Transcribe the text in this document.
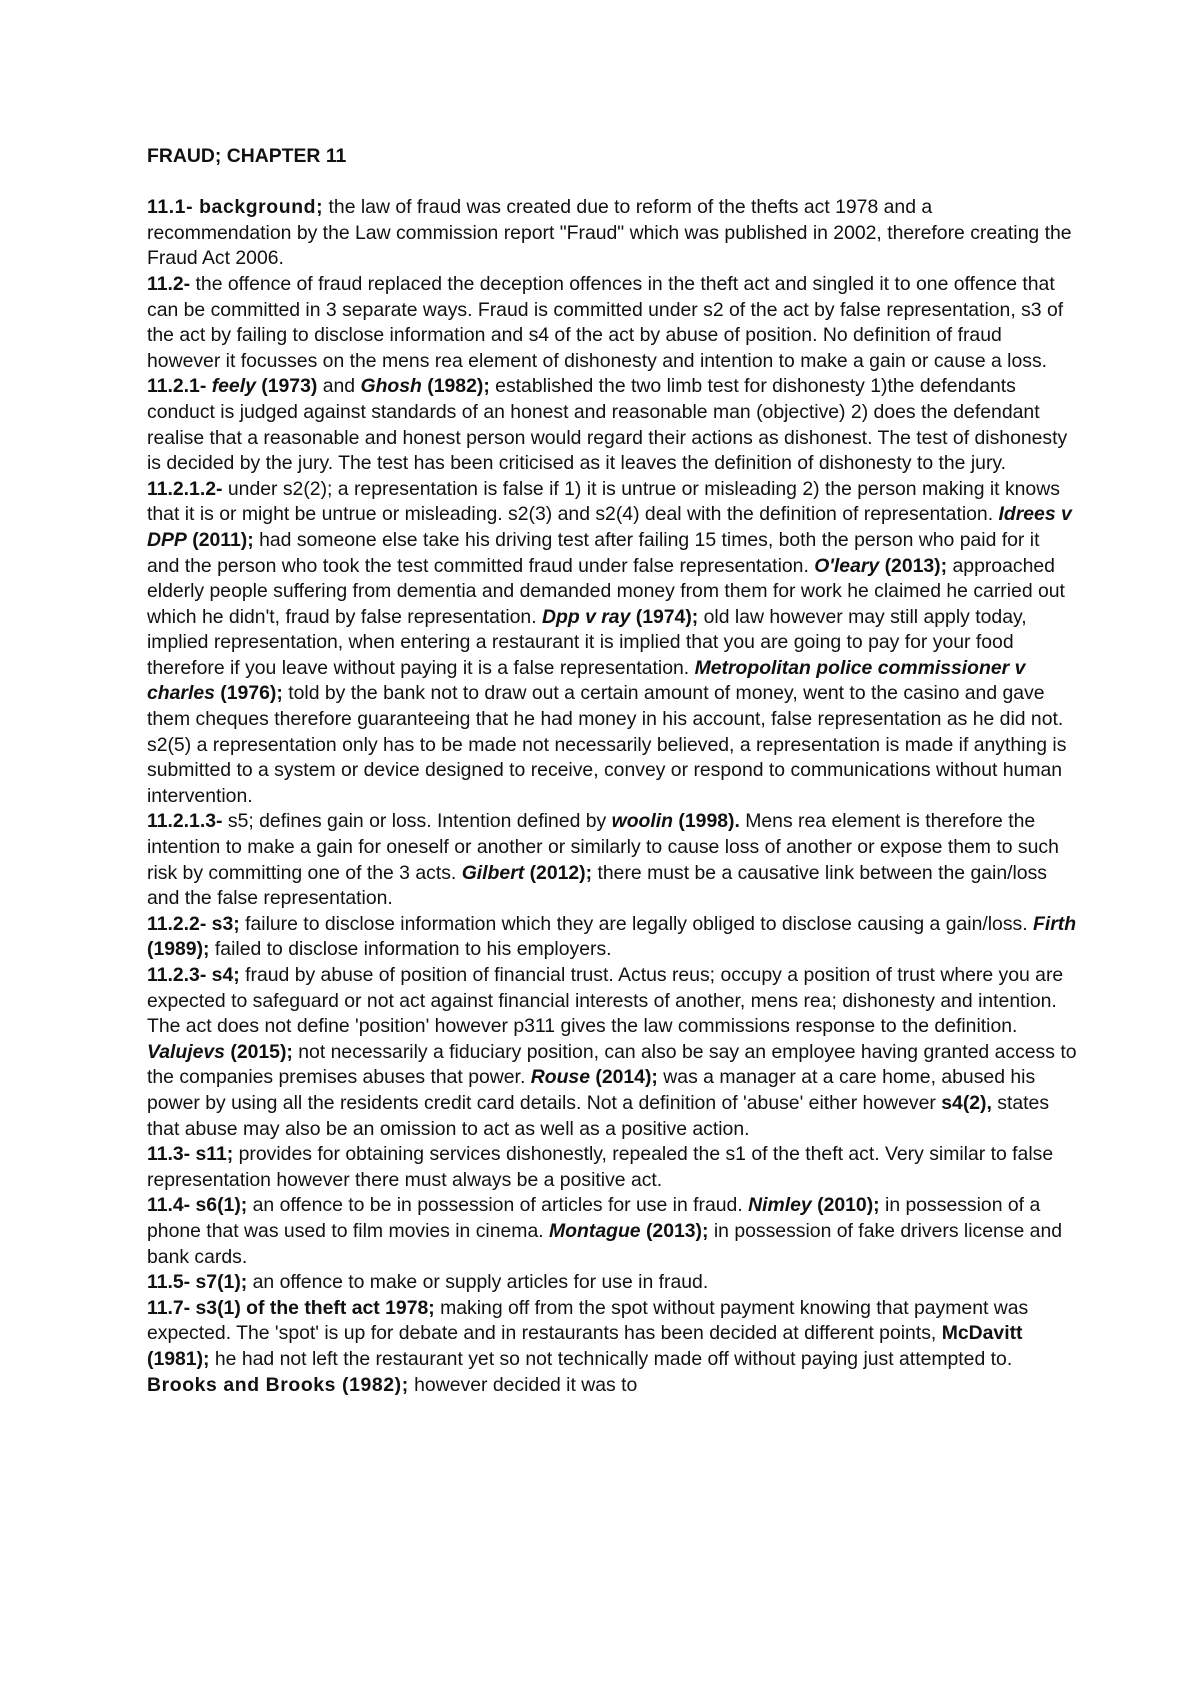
FRAUD; CHAPTER 11

11.1- background; the law of fraud was created due to reform of the thefts act 1978 and a recommendation by the Law commission report "Fraud" which was published in 2002, therefore creating the Fraud Act 2006.

11.2- the offence of fraud replaced the deception offences in the theft act and singled it to one offence that can be committed in 3 separate ways. Fraud is committed under s2 of the act by false representation, s3 of the act by failing to disclose information and s4 of the act by abuse of position. No definition of fraud however it focusses on the mens rea element of dishonesty and intention to make a gain or cause a loss.

11.2.1- feely (1973) and Ghosh (1982); established the two limb test for dishonesty 1)the defendants conduct is judged against standards of an honest and reasonable man (objective) 2) does the defendant realise that a reasonable and honest person would regard their actions as dishonest. The test of dishonesty is decided by the jury. The test has been criticised as it leaves the definition of dishonesty to the jury.

11.2.1.2- under s2(2); a representation is false if 1) it is untrue or misleading 2) the person making it knows that it is or might be untrue or misleading. s2(3) and s2(4) deal with the definition of representation. Idrees v DPP (2011); had someone else take his driving test after failing 15 times, both the person who paid for it and the person who took the test committed fraud under false representation. O'leary (2013); approached elderly people suffering from dementia and demanded money from them for work he claimed he carried out which he didn't, fraud by false representation. Dpp v ray (1974); old law however may still apply today, implied representation, when entering a restaurant it is implied that you are going to pay for your food therefore if you leave without paying it is a false representation. Metropolitan police commissioner v charles (1976); told by the bank not to draw out a certain amount of money, went to the casino and gave them cheques therefore guaranteeing that he had money in his account, false representation as he did not. s2(5) a representation only has to be made not necessarily believed, a representation is made if anything is submitted to a system or device designed to receive, convey or respond to communications without human intervention.

11.2.1.3- s5; defines gain or loss. Intention defined by woolin (1998). Mens rea element is therefore the intention to make a gain for oneself or another or similarly to cause loss of another or expose them to such risk by committing one of the 3 acts. Gilbert (2012); there must be a causative link between the gain/loss and the false representation.

11.2.2- s3; failure to disclose information which they are legally obliged to disclose causing a gain/loss. Firth (1989); failed to disclose information to his employers.

11.2.3- s4; fraud by abuse of position of financial trust. Actus reus; occupy a position of trust where you are expected to safeguard or not act against financial interests of another, mens rea; dishonesty and intention. The act does not define 'position' however p311 gives the law commissions response to the definition. Valujevs (2015); not necessarily a fiduciary position, can also be say an employee having granted access to the companies premises abuses that power. Rouse (2014); was a manager at a care home, abused his power by using all the residents credit card details. Not a definition of 'abuse' either however s4(2), states that abuse may also be an omission to act as well as a positive action.

11.3- s11; provides for obtaining services dishonestly, repealed the s1 of the theft act. Very similar to false representation however there must always be a positive act.

11.4- s6(1); an offence to be in possession of articles for use in fraud. Nimley (2010); in possession of a phone that was used to film movies in cinema. Montague (2013); in possession of fake drivers license and bank cards.

11.5- s7(1); an offence to make or supply articles for use in fraud.

11.7- s3(1) of the theft act 1978; making off from the spot without payment knowing that payment was expected. The 'spot' is up for debate and in restaurants has been decided at different points, McDavitt (1981); he had not left the restaurant yet so not technically made off without paying just attempted to. Brooks and Brooks (1982); however decided it was to
